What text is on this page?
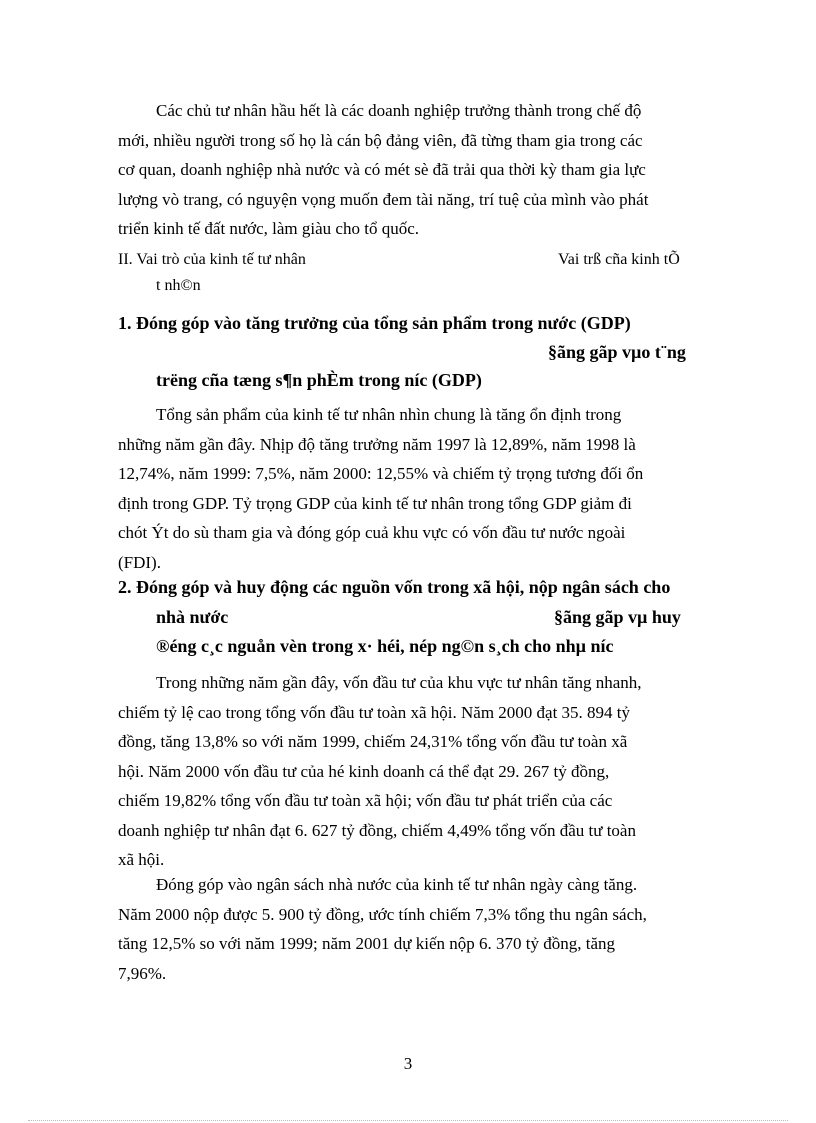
Các chủ tư nhân hầu hết là các doanh nghiệp trưởng thành trong chế độ
mới, nhiều người trong số họ là cán bộ đảng viên, đã từng tham gia trong các
cơ quan, doanh nghiệp nhà nước và có mét sè đã trải qua thời kỳ tham gia lực
lượng vò trang, có nguyện vọng muốn đem tài năng, trí tuệ của mình vào phát
triển kinh tế đất nước, làm giàu cho tổ quốc.
II. Vai trò của kinh tế tư nhân	Vai trß cña kinh tÕ
t nh©n
1. Đóng góp vào tăng trưởng của tổng sản phẩm trong nước (GDP)
§ãng gãp vµo t¨ng
trëng cña tæng s¶n phÈm trong níc (GDP)
Tổng sản phẩm của kinh tế tư nhân nhìn chung là tăng ổn định trong
những năm gần đây. Nhịp độ tăng trưởng năm 1997 là 12,89%, năm 1998 là
12,74%, năm 1999: 7,5%, năm 2000: 12,55% và chiếm tỷ trọng tương đối ổn
định trong GDP. Tỷ trọng GDP của kinh tế tư nhân trong tổng GDP giảm đi
chót Ýt do sù tham gia và đóng góp cuả khu vực có vốn đầu tư nước ngoài
(FDI).
2. Đóng góp và huy động các nguồn vốn trong xã hội, nộp ngân sách cho
nhà nước	§ãng gãp vµ huy
®éng c¸c nguån vèn trong x· héi, nép ng©n s¸ch cho nhµ níc
Trong những năm gần đây, vốn đầu tư của khu vực tư nhân tăng nhanh,
chiếm tỷ lệ cao trong tổng vốn đầu tư toàn xã hội. Năm 2000 đạt 35. 894 tỷ
đồng, tăng 13,8% so với năm 1999, chiếm 24,31% tổng vốn đầu tư toàn xã
hội. Năm 2000 vốn đầu tư của hé kinh doanh cá thể đạt 29. 267 tỷ đồng,
chiếm 19,82% tổng vốn đầu tư toàn xã hội; vốn đầu tư phát triển của các
doanh nghiệp tư nhân đạt 6. 627 tỷ đồng, chiếm 4,49% tổng vốn đầu tư toàn
xã hội.
Đóng góp vào ngân sách nhà nước của kinh tế tư nhân ngày càng tăng.
Năm 2000 nộp được 5. 900 tỷ đồng, ước tính chiếm 7,3% tổng thu ngân sách,
tăng 12,5% so với năm 1999; năm 2001 dự kiến nộp 6. 370 tỷ đồng, tăng
7,96%.
3
